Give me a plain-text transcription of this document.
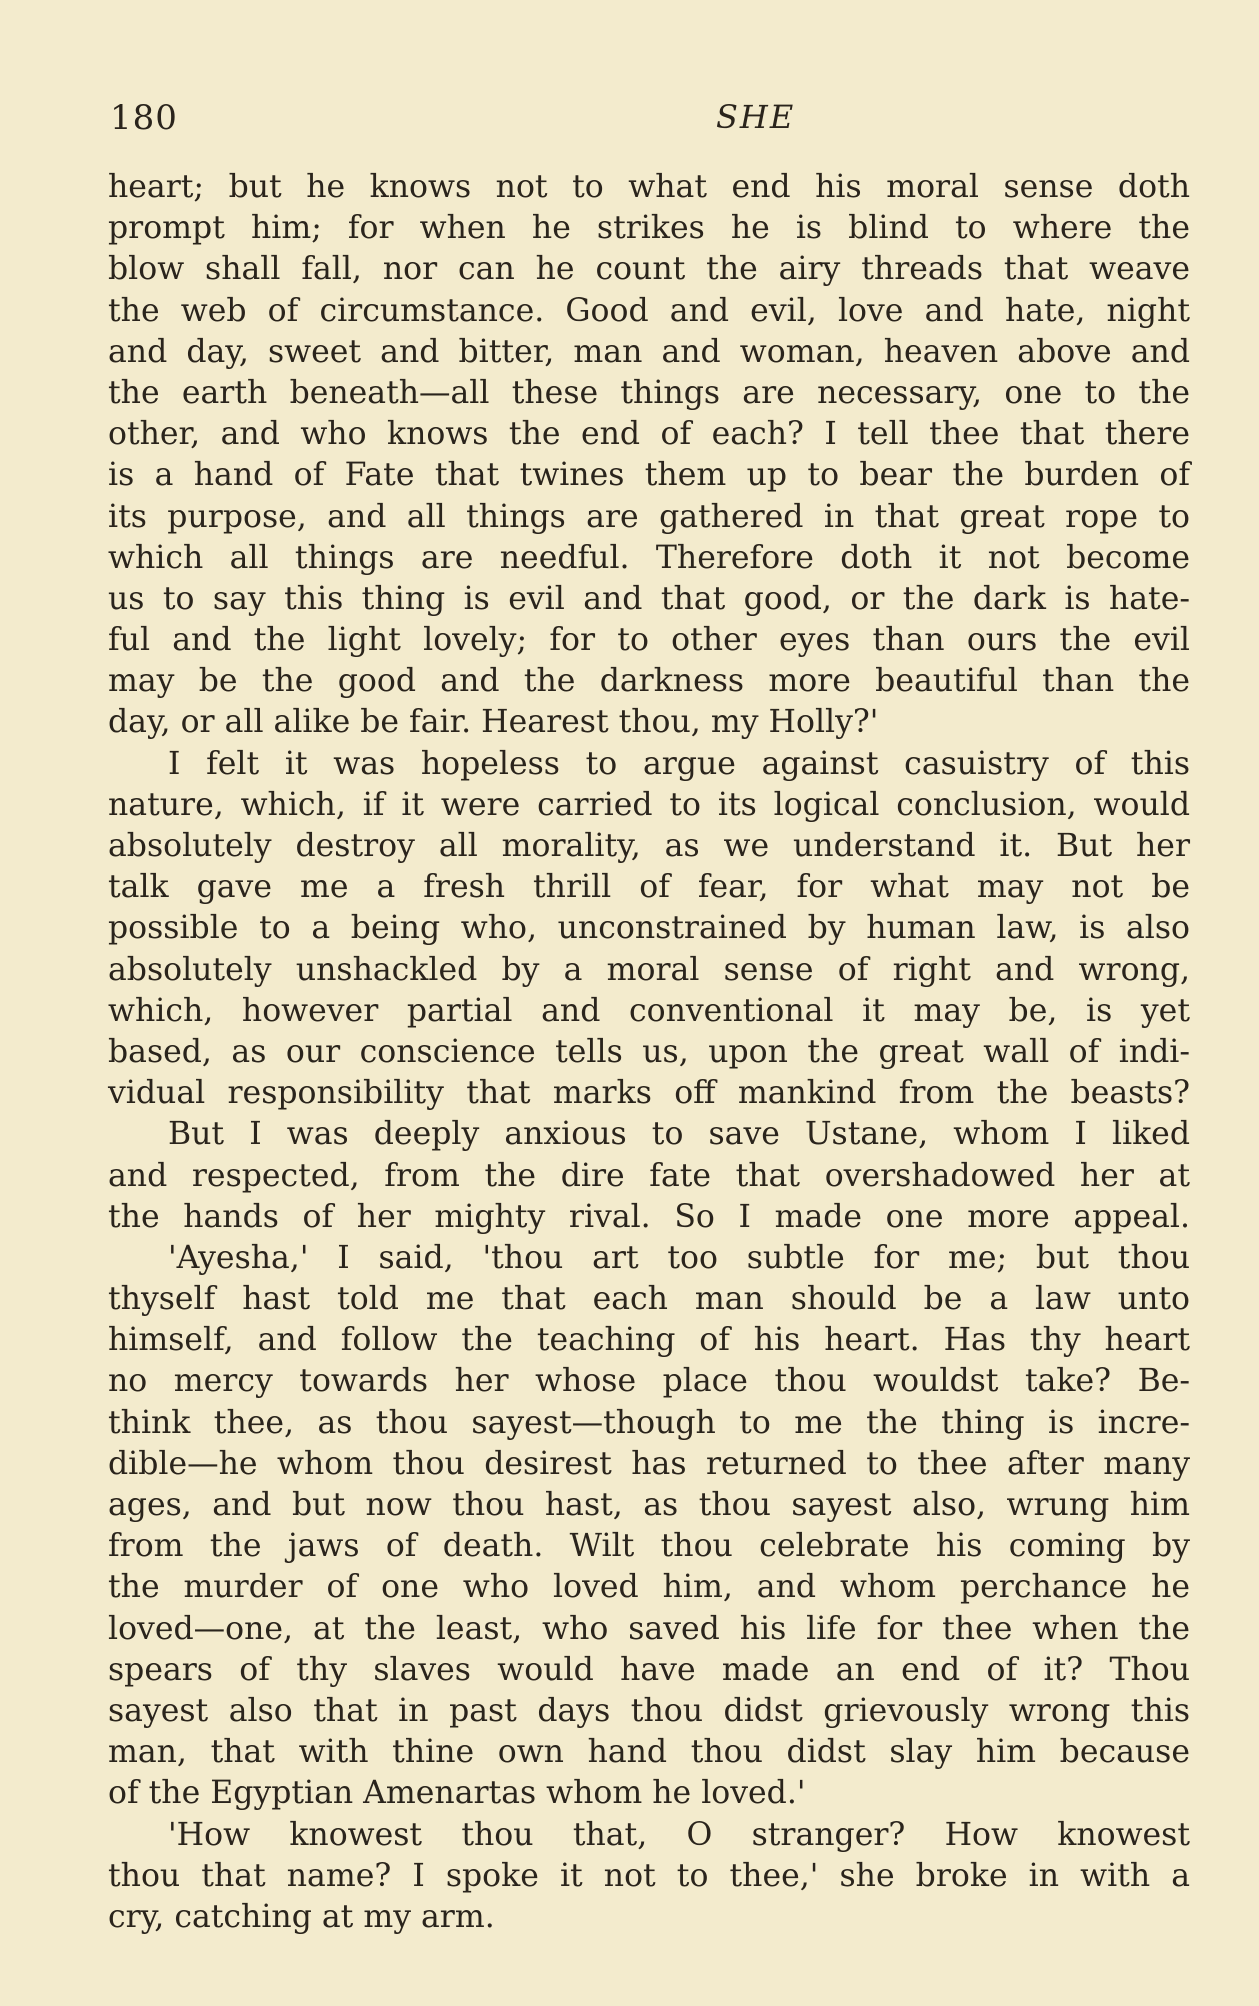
180	SHE
heart; but he knows not to what end his moral sense doth
prompt him; for when he strikes he is blind to where the
blow shall fall, nor can he count the airy threads that weave
the web of circumstance. Good and evil, love and hate, night
and day, sweet and bitter, man and woman, heaven above and
the earth beneath—all these things are necessary, one to the
other, and who knows the end of each? I tell thee that there
is a hand of Fate that twines them up to bear the burden of
its purpose, and all things are gathered in that great rope to
which all things are needful. Therefore doth it not become
us to say this thing is evil and that good, or the dark is hate-
ful and the light lovely; for to other eyes than ours the evil
may be the good and the darkness more beautiful than the
day, or all alike be fair. Hearest thou, my Holly?'
I felt it was hopeless to argue against casuistry of this
nature, which, if it were carried to its logical conclusion, would
absolutely destroy all morality, as we understand it. But her
talk gave me a fresh thrill of fear, for what may not be
possible to a being who, unconstrained by human law, is also
absolutely unshackled by a moral sense of right and wrong,
which, however partial and conventional it may be, is yet
based, as our conscience tells us, upon the great wall of indi-
vidual responsibility that marks off mankind from the beasts?
But I was deeply anxious to save Ustane, whom I liked
and respected, from the dire fate that overshadowed her at
the hands of her mighty rival. So I made one more appeal.
'Ayesha,' I said, 'thou art too subtle for me; but thou
thyself hast told me that each man should be a law unto
himself, and follow the teaching of his heart. Has thy heart
no mercy towards her whose place thou wouldst take? Be-
think thee, as thou sayest—though to me the thing is incre-
dible—he whom thou desirest has returned to thee after many
ages, and but now thou hast, as thou sayest also, wrung him
from the jaws of death. Wilt thou celebrate his coming by
the murder of one who loved him, and whom perchance he
loved—one, at the least, who saved his life for thee when the
spears of thy slaves would have made an end of it? Thou
sayest also that in past days thou didst grievously wrong this
man, that with thine own hand thou didst slay him because
of the Egyptian Amenartas whom he loved.'
'How knowest thou that, O stranger? How knowest
thou that name? I spoke it not to thee,' she broke in with a
cry, catching at my arm.
